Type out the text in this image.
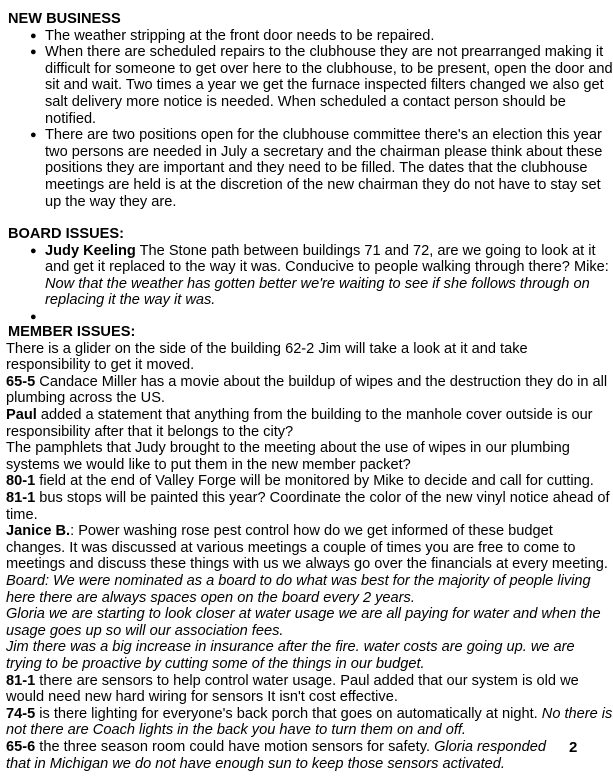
NEW BUSINESS
● The weather stripping at the front door needs to be repaired.
● When there are scheduled repairs to the clubhouse they are not prearranged making it
difficult for someone to get over here to the clubhouse, to be present, open the door and
sit and wait. Two times a year we get the furnace inspected filters changed we also get
salt delivery more notice is needed. When scheduled a contact person should be
notified.
● There are two positions open for the clubhouse committee there's an election this year
two persons are needed in July a secretary and the chairman please think about these
positions they are important and they need to be filled. The dates that the clubhouse
meetings are held is at the discretion of the new chairman they do not have to stay set
up the way they are.
BOARD ISSUES:
● Judy Keeling The Stone path between buildings 71 and 72, are we going to look at it
and get it replaced to the way it was. Conducive to people walking through there? Mike:
Now that the weather has gotten better we're waiting to see if she follows through on
replacing it the way it was.
●
MEMBER ISSUES:
There is a glider on the side of the building 62-2 Jim will take a look at it and take
responsibility to get it moved.
65-5 Candace Miller has a movie about the buildup of wipes and the destruction they do in all
plumbing across the US.
Paul added a statement that anything from the building to the manhole cover outside is our
responsibility after that it belongs to the city?
The pamphlets that Judy brought to the meeting about the use of wipes in our plumbing
systems we would like to put them in the new member packet?
80-1 field at the end of Valley Forge will be monitored by Mike to decide and call for cutting.
81-1 bus stops will be painted this year? Coordinate the color of the new vinyl notice ahead of
time.
Janice B.: Power washing rose pest control how do we get informed of these budget
changes. It was discussed at various meetings a couple of times you are free to come to
meetings and discuss these things with us we always go over the financials at every meeting.
Board: We were nominated as a board to do what was best for the majority of people living
here there are always spaces open on the board every 2 years.
Gloria we are starting to look closer at water usage we are all paying for water and when the
usage goes up so will our association fees.
Jim there was a big increase in insurance after the fire. water costs are going up. we are
trying to be proactive by cutting some of the things in our budget.
81-1 there are sensors to help control water usage. Paul added that our system is old we
would need new hard wiring for sensors It isn't cost effective.
74-5 is there lighting for everyone's back porch that goes on automatically at night. No there is
not there are Coach lights in the back you have to turn them on and off.
65-6 the three season room could have motion sensors for safety. Gloria responded
that in Michigan we do not have enough sun to keep those sensors activated.
2
